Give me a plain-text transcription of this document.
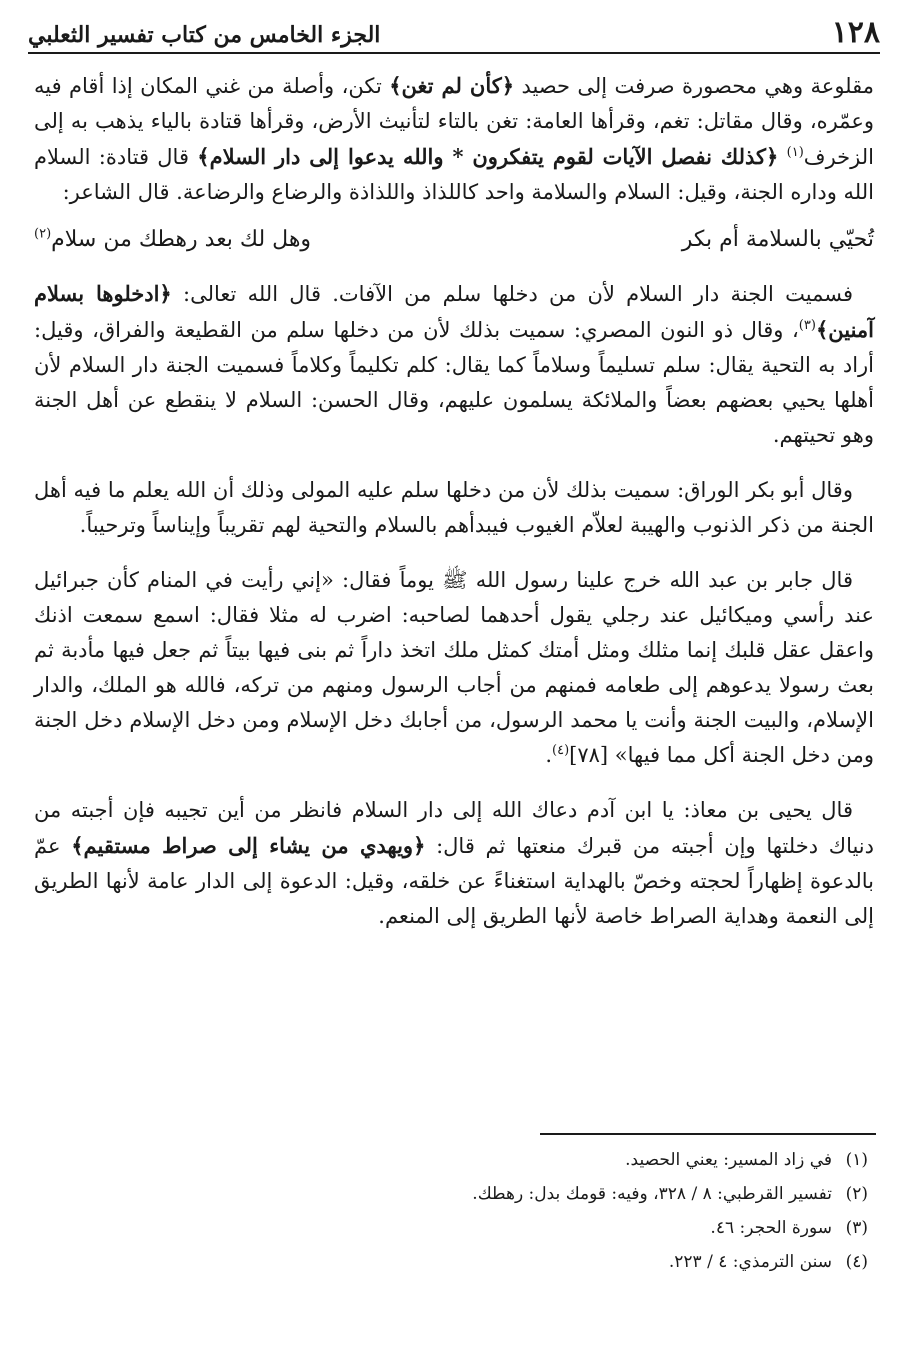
الجزء الخامس من كتاب تفسير الثعلبي	١٢٨

مقلوعة وهي محصورة صرفت إلى حصيد ﴿كأن لم تغن﴾ تكن، وأصلة من غني المكان إذا أقام فيه وعمّره، وقال مقاتل: تغم، وقرأها العامة: تغن بالتاء لتأنيث الأرض، وقرأها قتادة بالياء يذهب به إلى الزخرف$^{(١)}$ ﴿كذلك نفصل الآيات لقوم يتفكرون * والله يدعوا إلى دار السلام﴾ قال قتادة: السلام الله وداره الجنة، وقيل: السلام والسلامة واحد كاللذاذ واللذاذة والرضاع والرضاعة. قال الشاعر:

تُحيّي بالسلامة أم بكر
وهل لك بعد رهطك من سلام$^{(٢)}$

 فسميت الجنة دار السلام لأن من دخلها سلم من الآفات. قال الله تعالى: ﴿ادخلوها بسلام آمنين﴾$^{(٣)}$، وقال ذو النون المصري: سميت بذلك لأن من دخلها سلم من القطيعة والفراق، وقيل: أراد به التحية يقال: سلم تسليماً وسلاماً كما يقال: كلم تكليماً وكلاماً فسميت الجنة دار السلام لأن أهلها يحيي بعضهم بعضاً والملائكة يسلمون عليهم، وقال الحسن: السلام لا ينقطع عن أهل الجنة وهو تحيتهم.

 وقال أبو بكر الوراق: سميت بذلك لأن من دخلها سلم عليه المولى وذلك أن الله يعلم ما فيه أهل الجنة من ذكر الذنوب والهيبة لعلاّم الغيوب فيبدأهم بالسلام والتحية لهم تقريباً وإيناساً وترحيباً.

 قال جابر بن عبد الله خرج علينا رسول الله ﷺ يوماً فقال: «إني رأيت في المنام كأن جبرائيل عند رأسي وميكائيل عند رجلي يقول أحدهما لصاحبه: اضرب له مثلا فقال: اسمع سمعت اذنك واعقل عقل قلبك إنما مثلك ومثل أمتك كمثل ملك اتخذ داراً ثم بنى فيها بيتاً ثم جعل فيها مأدبة ثم بعث رسولا يدعوهم إلى طعامه فمنهم من أجاب الرسول ومنهم من تركه، فالله هو الملك، والدار الإسلام، والبيت الجنة وأنت يا محمد الرسول، من أجابك دخل الإسلام ومن دخل الإسلام دخل الجنة ومن دخل الجنة أكل مما فيها» [٧٨]$^{(٤)}$.

 قال يحيى بن معاذ: يا ابن آدم دعاك الله إلى دار السلام فانظر من أين تجيبه فإن أجبته من دنياك دخلتها وإن أجبته من قبرك منعتها ثم قال: ﴿ويهدي من يشاء إلى صراط مستقيم﴾ عمّ بالدعوة إظهاراً لحجته وخصّ بالهداية استغناءً عن خلقه، وقيل: الدعوة إلى الدار عامة لأنها الطريق إلى النعمة وهداية الصراط خاصة لأنها الطريق إلى المنعم.

(١)
في زاد المسير: يعني الحصيد.
(٢)
تفسير القرطبي: ٨ / ٣٢٨، وفيه: قومك بدل: رهطك.
(٣)
سورة الحجر: ٤٦.
(٤)
سنن الترمذي: ٤ / ٢٢٣.
